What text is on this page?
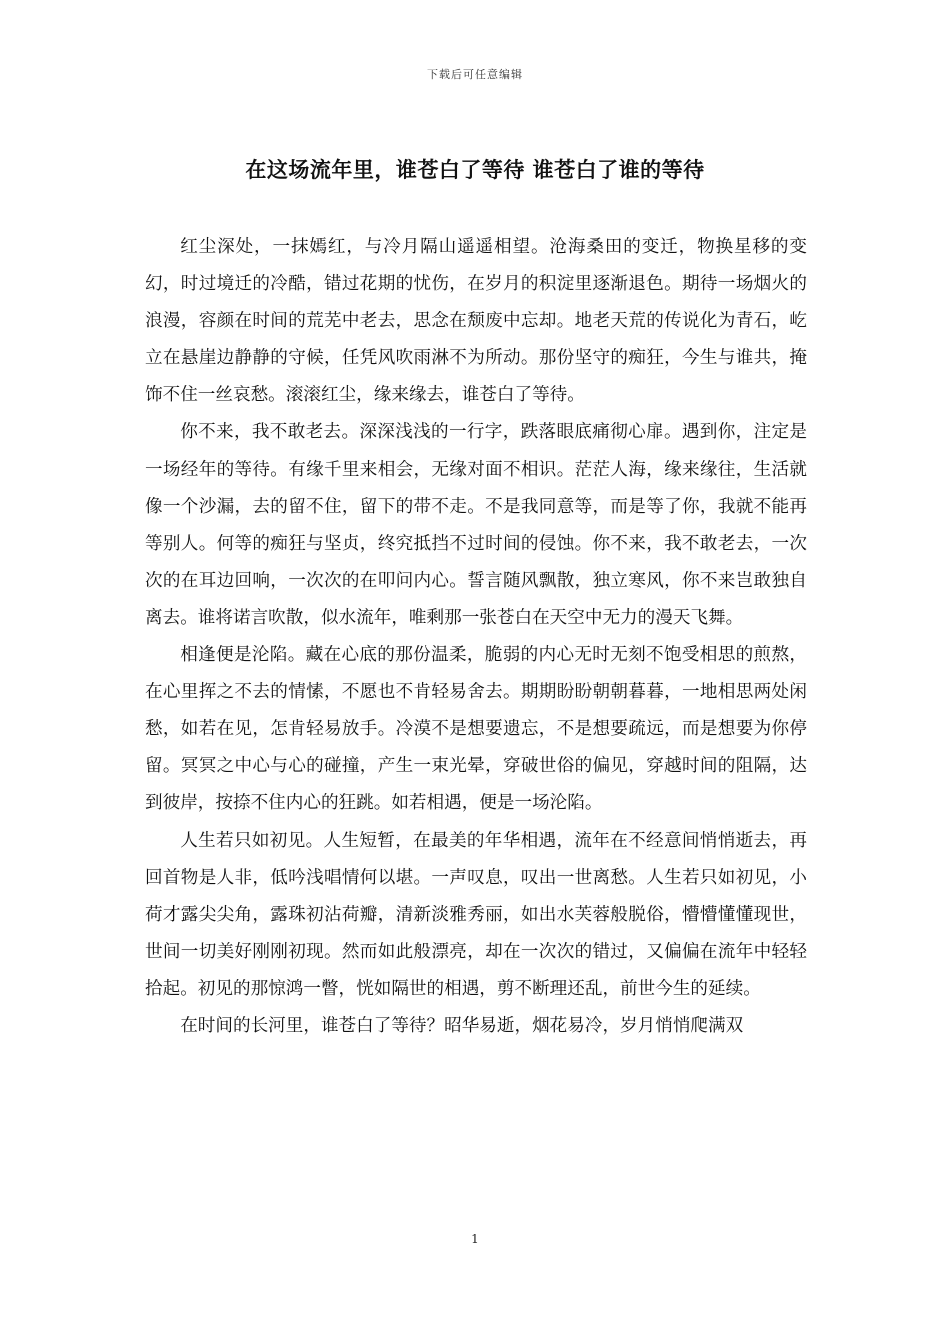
下载后可任意编辑
在这场流年里，谁苍白了等待 谁苍白了谁的等待

红尘深处，一抹嫣红，与冷月隔山遥遥相望。沧海桑田的变迁，物换星移的变幻，时过境迁的冷酷，错过花期的忧伤，在岁月的积淀里逐渐退色。期待一场烟火的浪漫，容颜在时间的荒芜中老去，思念在颓废中忘却。地老天荒的传说化为青石，屹立在悬崖边静静的守候，任凭风吹雨淋不为所动。那份坚守的痴狂，今生与谁共，掩饰不住一丝哀愁。滚滚红尘，缘来缘去，谁苍白了等待。

你不来，我不敢老去。深深浅浅的一行字，跌落眼底痛彻心扉。遇到你，注定是一场经年的等待。有缘千里来相会，无缘对面不相识。茫茫人海，缘来缘往，生活就像一个沙漏，去的留不住，留下的带不走。不是我同意等，而是等了你，我就不能再等别人。何等的痴狂与坚贞，终究抵挡不过时间的侵蚀。你不来，我不敢老去，一次次的在耳边回响，一次次的在叩问内心。誓言随风飘散，独立寒风，你不来岂敢独自离去。谁将诺言吹散，似水流年，唯剩那一张苍白在天空中无力的漫天飞舞。

相逢便是沦陷。藏在心底的那份温柔，脆弱的内心无时无刻不饱受相思的煎熬，在心里挥之不去的情愫，不愿也不肯轻易舍去。期期盼盼朝朝暮暮，一地相思两处闲愁，如若在见，怎肯轻易放手。冷漠不是想要遗忘，不是想要疏远，而是想要为你停留。冥冥之中心与心的碰撞，产生一束光晕，穿破世俗的偏见，穿越时间的阻隔，达到彼岸，按捺不住内心的狂跳。如若相遇，便是一场沦陷。

人生若只如初见。人生短暂，在最美的年华相遇，流年在不经意间悄悄逝去，再回首物是人非，低吟浅唱情何以堪。一声叹息，叹出一世离愁。人生若只如初见，小荷才露尖尖角，露珠初沾荷瓣，清新淡雅秀丽，如出水芙蓉般脱俗，懵懵懂懂现世，世间一切美好刚刚初现。然而如此般漂亮，却在一次次的错过，又偏偏在流年中轻轻拾起。初见的那惊鸿一瞥，恍如隔世的相遇，剪不断理还乱，前世今生的延续。

在时间的长河里，谁苍白了等待？昭华易逝，烟花易冷，岁月悄悄爬满双

1
